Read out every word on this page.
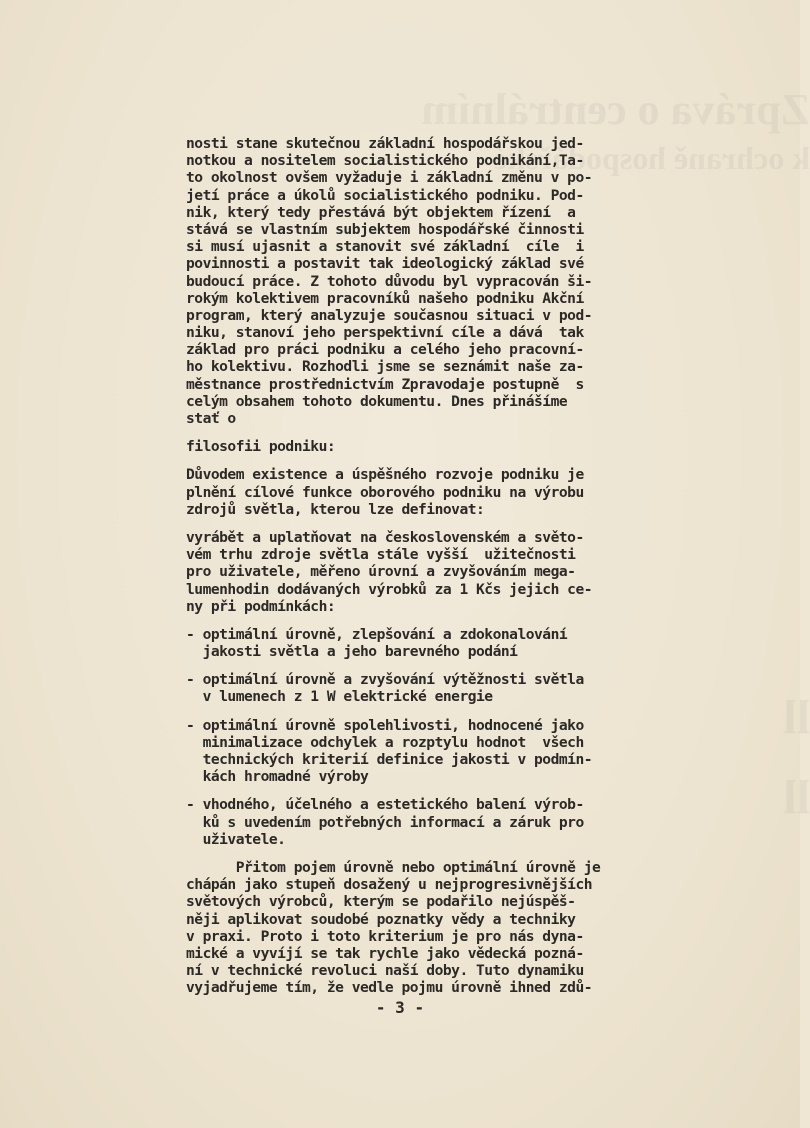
Zpráva o centrálním
k ochraně hospodářské
ll
ll
nosti stane skutečnou základní hospodářskou jed-
notkou a nositelem socialistického podnikání,Ta-
to okolnost ovšem vyžaduje i základní změnu v po-
jetí práce a úkolů socialistického podniku. Pod-
nik, který tedy přestává být objektem řízení  a
stává se vlastním subjektem hospodářské činnosti
si musí ujasnit a stanovit své základní  cíle  i
povinnosti a postavit tak ideologický základ své
budoucí práce. Z tohoto důvodu byl vypracován ši-
rokým kolektivem pracovníků našeho podniku Akční
program, který analyzuje současnou situaci v pod-
niku, stanoví jeho perspektivní cíle a dává  tak
základ pro práci podniku a celého jeho pracovní-
ho kolektivu. Rozhodli jsme se seznámit naše za-
městnance prostřednictvím Zpravodaje postupně  s
celým obsahem tohoto dokumentu. Dnes přinášíme
stať o
filosofii podniku:
Důvodem existence a úspěšného rozvoje podniku je
plnění cílové funkce oborového podniku na výrobu
zdrojů světla, kterou lze definovat:
vyrábět a uplatňovat na československém a světo-
vém trhu zdroje světla stále vyšší  užitečnosti
pro uživatele, měřeno úrovní a zvyšováním mega-
lumenhodin dodávaných výrobků za 1 Kčs jejich ce-
ny při podmínkách:
- optimální úrovně, zlepšování a zdokonalování
jakosti světla a jeho barevného podání
- optimální úrovně a zvyšování výtěžnosti světla
v lumenech z 1 W elektrické energie
- optimální úrovně spolehlivosti, hodnocené jako
minimalizace odchylek a rozptylu hodnot  všech
technických kriterií definice jakosti v podmín-
kách hromadné výroby
- vhodného, účelného a estetického balení výrob-
ků s uvedením potřebných informací a záruk pro
uživatele.
Přitom pojem úrovně nebo optimální úrovně je
chápán jako stupeň dosažený u nejprogresivnějších
světových výrobců, kterým se podařilo nejúspěš-
něji aplikovat soudobé poznatky vědy a techniky
v praxi. Proto i toto kriterium je pro nás dyna-
mické a vyvíjí se tak rychle jako vědecká pozná-
ní v technické revoluci naší doby. Tuto dynamiku
vyjadřujeme tím, že vedle pojmu úrovně ihned zdů-
- 3 -
